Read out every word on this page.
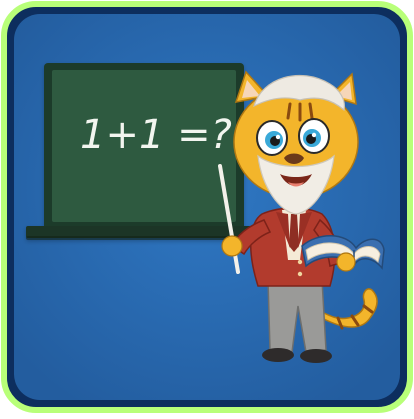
1+1 =?
